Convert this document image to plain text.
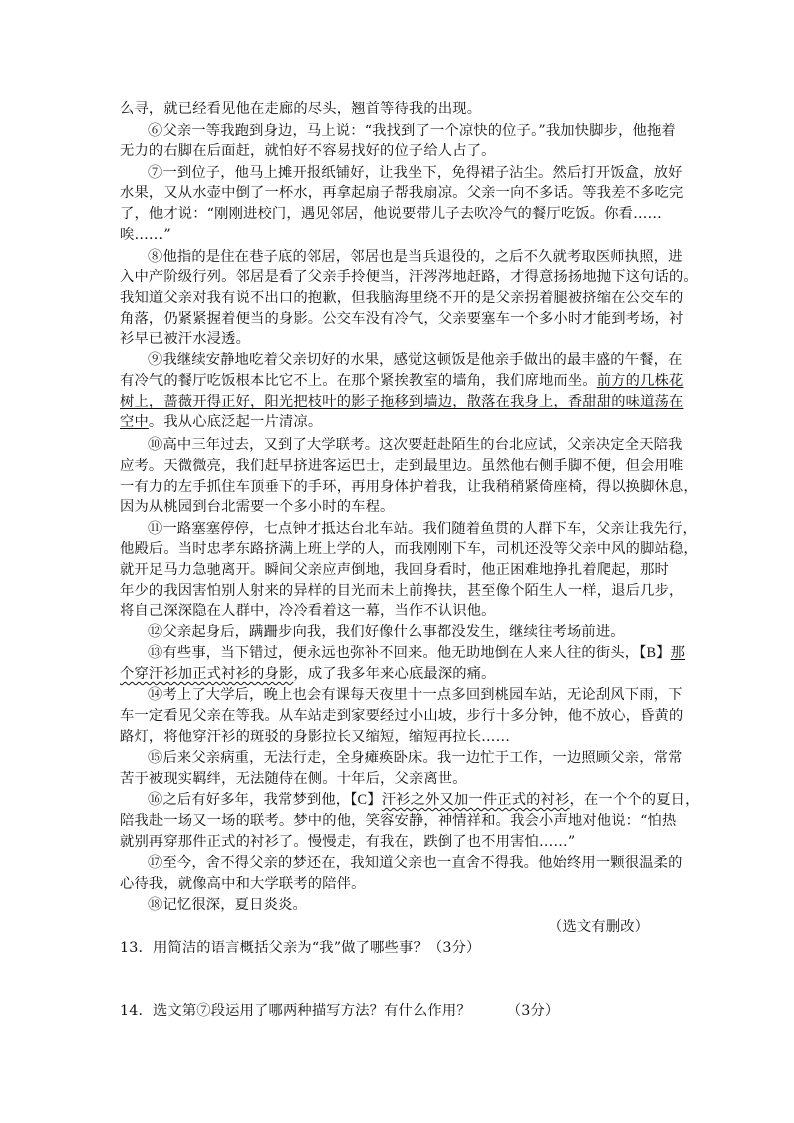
么寻，就已经看见他在走廊的尽头，翘首等待我的出现。
⑥父亲一等我跑到身边，马上说：“我找到了一个凉快的位子。”我加快脚步，他拖着
无力的右脚在后面赶，就怕好不容易找好的位子给人占了。
⑦一到位子，他马上摊开报纸铺好，让我坐下，免得裙子沾尘。然后打开饭盒，放好
水果，又从水壶中倒了一杯水，再拿起扇子帮我扇凉。父亲一向不多话。等我差不多吃完
了，他才说：“刚刚进校门，遇见邻居，他说要带儿子去吹冷气的餐厅吃饭。你看……
唉……”
⑧他指的是住在巷子底的邻居，邻居也是当兵退役的，之后不久就考取医师执照，进
入中产阶级行列。邻居是看了父亲手拎便当，汗涔涔地赶路，才得意扬扬地抛下这句话的。
我知道父亲对我有说不出口的抱歉，但我脑海里绕不开的是父亲拐着腿被挤缩在公交车的
角落，仍紧紧握着便当的身影。公交车没有冷气，父亲要塞车一个多小时才能到考场，衬
衫早已被汗水浸透。
⑨我继续安静地吃着父亲切好的水果，感觉这顿饭是他亲手做出的最丰盛的午餐，在
有冷气的餐厅吃饭根本比它不上。在那个紧挨教室的墙角，我们席地而坐。前方的几株花
树上，蔷薇开得正好，阳光把枝叶的影子拖移到墙边，散落在我身上，香甜甜的味道荡在
空中。我从心底泛起一片清凉。
⑩高中三年过去，又到了大学联考。这次要赶赴陌生的台北应试，父亲决定全天陪我
应考。天微微亮，我们赶早挤进客运巴士，走到最里边。虽然他右侧手脚不便，但会用唯
一有力的左手抓住车顶垂下的手环，再用身体护着我，让我稍稍紧倚座椅，得以换脚休息，
因为从桃园到台北需要一个多小时的车程。
⑪一路塞塞停停，七点钟才抵达台北车站。我们随着鱼贯的人群下车，父亲让我先行，
他殿后。当时忠孝东路挤满上班上学的人，而我刚刚下车，司机还没等父亲中风的脚站稳，
就开足马力急驰离开。瞬间父亲应声倒地，我回身看时，他正困难地挣扎着爬起，那时
年少的我因害怕别人射来的异样的目光而未上前搀扶，甚至像个陌生人一样，退后几步，
将自己深深隐在人群中，冷冷看着这一幕，当作不认识他。
⑫父亲起身后，蹒跚步向我，我们好像什么事都没发生，继续往考场前进。
⑬有些事，当下错过，便永远也弥补不回来。他无助地倒在人来人往的街头，【B】那
个穿汗衫加正式衬衫的身影，成了我多年来心底最深的痛。
⑭考上了大学后，晚上也会有课每天夜里十一点多回到桃园车站，无论刮风下雨，下
车一定看见父亲在等我。从车站走到家要经过小山坡，步行十多分钟，他不放心，昏黄的
路灯，将他穿汗衫的斑驳的身影拉长又缩短，缩短再拉长……
⑮后来父亲病重，无法行走，全身瘫痪卧床。我一边忙于工作，一边照顾父亲，常常
苦于被现实羁绊，无法随侍在侧。十年后，父亲离世。
⑯之后有好多年，我常梦到他，【C】汗衫之外又加一件正式的衬衫，在一个个的夏日，
陪我赴一场又一场的联考。梦中的他，笑容安静，神情祥和。我会小声地对他说：“怕热
就别再穿那件正式的衬衫了。慢慢走，有我在，跌倒了也不用害怕……”
⑰至今，舍不得父亲的梦还在，我知道父亲也一直舍不得我。他始终用一颗很温柔的
心待我，就像高中和大学联考的陪伴。
⑱记忆很深，夏日炎炎。
（选文有删改）
13．用简洁的语言概括父亲为“我”做了哪些事？（3分）
14．选文第⑦段运用了哪两种描写方法？有什么作用？	（3分）
